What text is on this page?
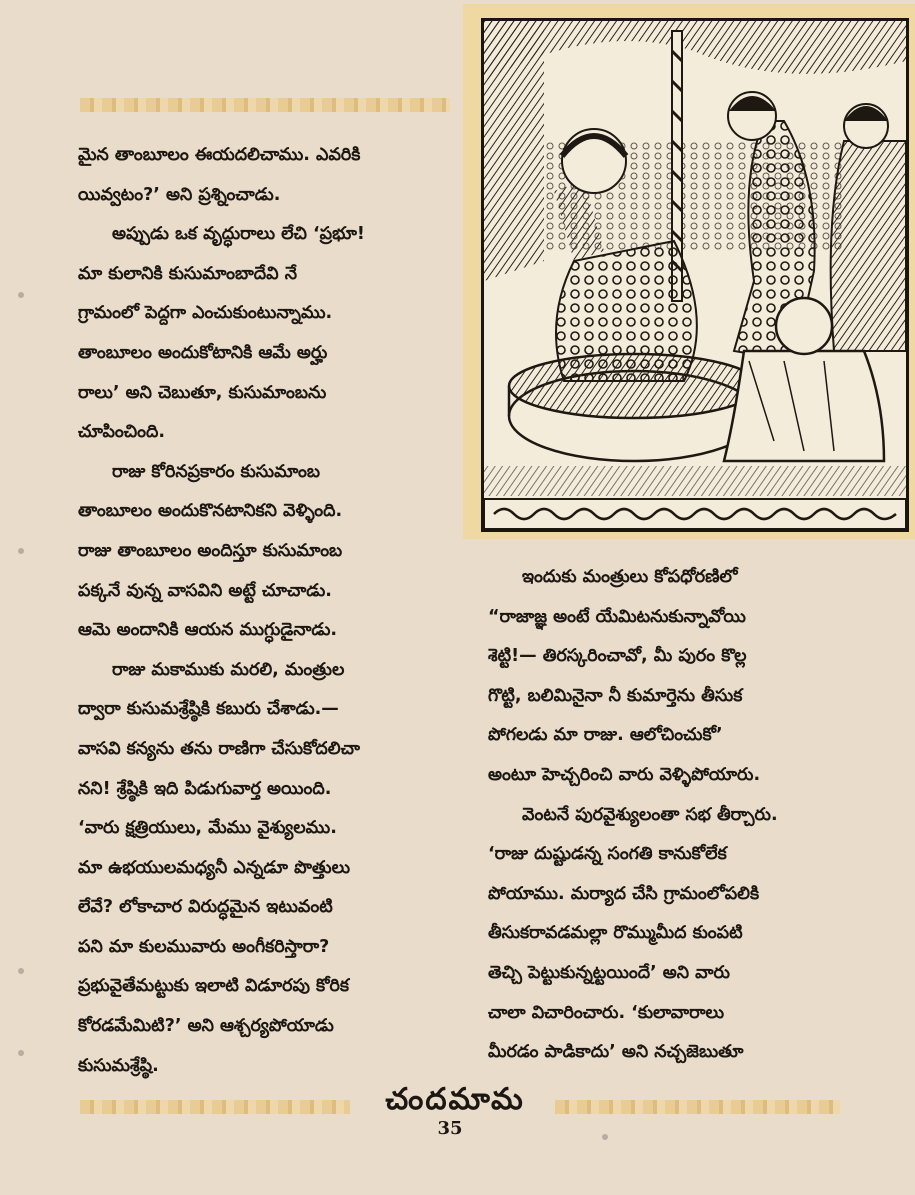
మైన తాంబూలం ఈయదలిచాము. ఎవరికి

యివ్వటం?’ అని ప్రశ్నించాడు.

అప్పుడు ఒక వృద్ధురాలు లేచి ‘ప్రభూ!

మా కులానికి కుసుమాంబాదేవి నే

గ్రామంలో పెద్దగా ఎంచుకుంటున్నాము.

తాంబూలం అందుకోటానికి ఆమే అర్హు

రాలు’ అని చెబుతూ, కుసుమాంబను

చూపించింది.

రాజు కోరినప్రకారం కుసుమాంబ

తాంబూలం అందుకొనటానికని వెళ్ళింది.

రాజు తాంబూలం అందిస్తూ కుసుమాంబ

పక్కనే వున్న వాసవిని అట్టే చూచాడు.

ఆమె అందానికి ఆయన ముగ్ధుడైనాడు.

రాజు మకాముకు మరలి, మంత్రుల

ద్వారా కుసుమశ్రేష్ఠికి కబురు చేశాడు.—

వాసవి కన్యను తను రాణిగా చేసుకోదలిచా

నని! శ్రేష్ఠికి ఇది పిడుగువార్త అయింది.

‘వారు క్షత్రియులు, మేము వైశ్యులము.

మా ఉభయులమధ్యనీ ఎన్నడూ పొత్తులు

లేవే? లోకాచార విరుద్ధమైన ఇటువంటి

పని మా కులమువారు అంగీకరిస్తారా?

ప్రభువైతేమట్టుకు ఇలాటి విడూరపు కోరిక

కోరడమేమిటి?’ అని ఆశ్చర్యపోయాడు

కుసుమశ్రేష్ఠి.

ఇందుకు మంత్రులు కోపధోరణిలో

“రాజాజ్ఞ అంటే యేమిటనుకున్నావోయి

శెట్టి!— తిరస్కరించావో, మీ పురం కొల్ల

గొట్టి, బలిమినైనా నీ కుమార్తెను తీసుక

పోగలడు మా రాజు. ఆలోచించుకో’

అంటూ హెచ్చరించి వారు వెళ్ళిపోయారు.

వెంటనే పురవైశ్యులంతా సభ తీర్చారు.

‘రాజు దుష్టుడన్న సంగతి కానుకోలేక

పోయాము. మర్యాద చేసి గ్రామంలోపలికి

తీసుకరావడమల్లా రొమ్ముమీద కుంపటి

తెచ్చి పెట్టుకున్నట్టయిందే’ అని వారు

చాలా విచారించారు. ‘కులావారాలు

మీరడం పాడికాదు’ అని నచ్చజెబుతూ

చందమామ
35
